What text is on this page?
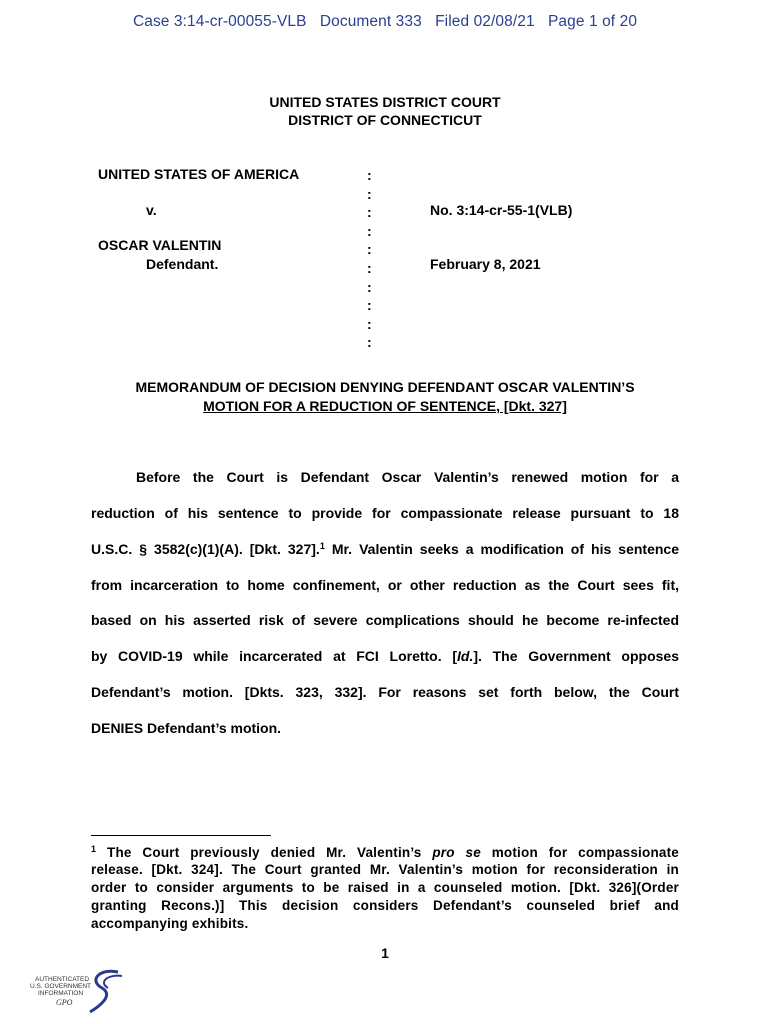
Case 3:14-cr-00055-VLB Document 333 Filed 02/08/21 Page 1 of 20
UNITED STATES DISTRICT COURT
DISTRICT OF CONNECTICUT
UNITED STATES OF AMERICA
v.
OSCAR VALENTIN
Defendant.
No. 3:14-cr-55-1(VLB)
February 8, 2021
:
:
:
:
:
:
:
:
:
:
MEMORANDUM OF DECISION DENYING DEFENDANT OSCAR VALENTIN’S
MOTION FOR A REDUCTION OF SENTENCE, [Dkt. 327]
Before the Court is Defendant Oscar Valentin’s renewed motion for a
reduction of his sentence to provide for compassionate release pursuant to 18
U.S.C. § 3582(c)(1)(A). [Dkt. 327].$^1$ Mr. Valentin seeks a modification of his sentence
from incarceration to home confinement, or other reduction as the Court sees fit,
based on his asserted risk of severe complications should he become re-infected
by COVID-19 while incarcerated at FCI Loretto. [Id.]. The Government opposes
Defendant’s motion. [Dkts. 323, 332]. For reasons set forth below, the Court
DENIES Defendant’s motion.
$^1$ The Court previously denied Mr. Valentin’s pro se motion for compassionate
release. [Dkt. 324]. The Court granted Mr. Valentin’s motion for reconsideration in
order to consider arguments to be raised in a counseled motion. [Dkt. 326](Order
granting Recons.)] This decision considers Defendant’s counseled brief and
accompanying exhibits.
1
AUTHENTICATED
U.S. GOVERNMENT
INFORMATION
GPO
